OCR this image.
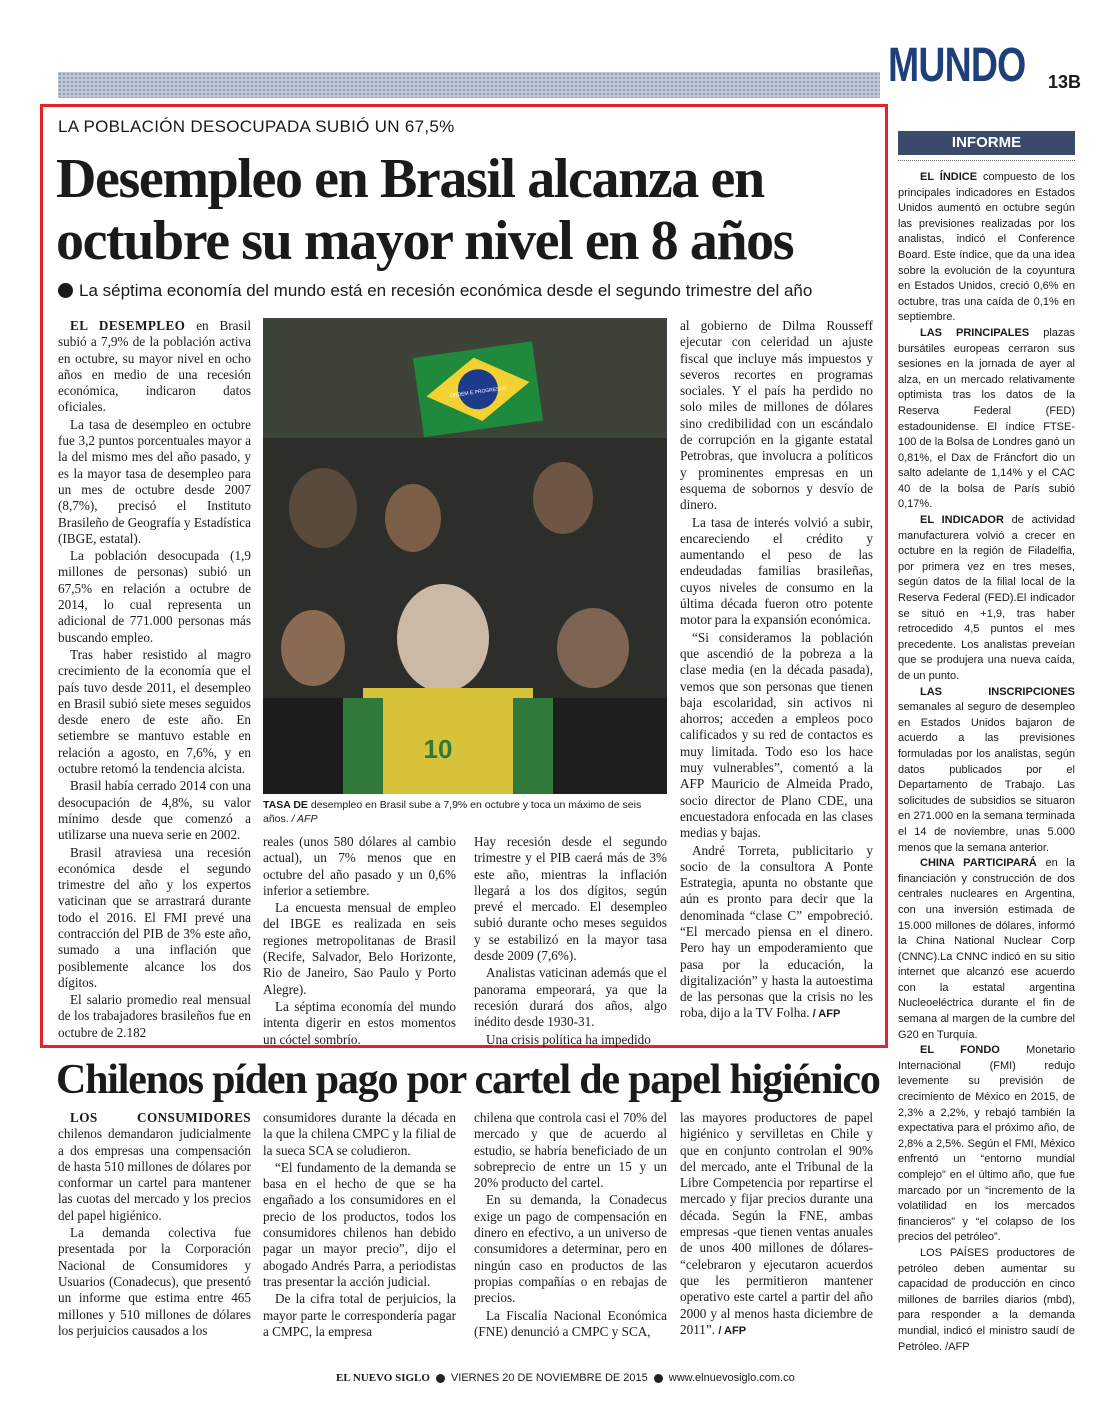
MUNDO 13B
LA POBLACIÓN DESOCUPADA SUBIÓ UN 67,5%
Desempleo en Brasil alcanza en
octubre su mayor nivel en 8 años
La séptima economía del mundo está en recesión económica desde el segundo trimestre del año

EL DESEMPLEO en Brasil subió a 7,9% de la población activa en octubre, su mayor nivel en ocho años en medio de una recesión económica, indicaron datos oficiales.

La tasa de desempleo en octubre fue 3,2 puntos porcentuales mayor a la del mismo mes del año pasado, y es la mayor tasa de desempleo para un mes de octubre desde 2007 (8,7%), precisó el Instituto Brasileño de Geografía y Estadística (IBGE, estatal).

La población desocupada (1,9 millones de personas) subió un 67,5% en relación a octubre de 2014, lo cual representa un adicional de 771.000 personas más buscando empleo.

Tras haber resistido al magro crecimiento de la economía que el país tuvo desde 2011, el desempleo en Brasil subió siete meses seguidos desde enero de este año. En setiembre se mantuvo estable en relación a agosto, en 7,6%, y en octubre retomó la tendencia alcista.

Brasil había cerrado 2014 con una desocupación de 4,8%, su valor mínimo desde que comenzó a utilizarse una nueva serie en 2002.

Brasil atraviesa una recesión económica desde el segundo trimestre del año y los expertos vaticinan que se arrastrará durante todo el 2016. El FMI prevé una contracción del PIB de 3% este año, sumado a una inflación que posiblemente alcance los dos dígitos.

El salario promedio real mensual de los trabajadores brasileños fue en octubre de 2.182

ORDEM E PROGRESSO
10
TASA DE desempleo en Brasil sube a 7,9% en octubre y toca un máximo de seis años. / AFP

reales (unos 580 dólares al cambio actual), un 7% menos que en octubre del año pasado y un 0,6% inferior a setiembre.

La encuesta mensual de empleo del IBGE es realizada en seis regiones metropolitanas de Brasil (Recife, Salvador, Belo Horizonte, Rio de Janeiro, Sao Paulo y Porto Alegre).

La séptima economía del mundo intenta digerir en estos momentos un cóctel sombrío.

Hay recesión desde el segundo trimestre y el PIB caerá más de 3% este año, mientras la inflación llegará a los dos dígitos, según prevé el mercado. El desempleo subió durante ocho meses seguidos y se estabilizó en la mayor tasa desde 2009 (7,6%).

Analistas vaticinan además que el panorama empeorará, ya que la recesión durará dos años, algo inédito desde 1930-31.

Una crisis política ha impedido

al gobierno de Dilma Rousseff ejecutar con celeridad un ajuste fiscal que incluye más impuestos y severos recortes en programas sociales. Y el país ha perdido no solo miles de millones de dólares sino credibilidad con un escándalo de corrupción en la gigante estatal Petrobras, que involucra a políticos y prominentes empresas en un esquema de sobornos y desvío de dinero.

La tasa de interés volvió a subir, encareciendo el crédito y aumentando el peso de las endeudadas familias brasileñas, cuyos niveles de consumo en la última década fueron otro potente motor para la expansión económica.

“Si consideramos la población que ascendió de la pobreza a la clase media (en la década pasada), vemos que son personas que tienen baja escolaridad, sin activos ni ahorros; acceden a empleos poco calificados y su red de contactos es muy limitada. Todo eso los hace muy vulnerables”, comentó a la AFP Mauricio de Almeida Prado, socio director de Plano CDE, una encuestadora enfocada en las clases medias y bajas.

André Torreta, publicitario y socio de la consultora A Ponte Estrategia, apunta no obstante que aún es pronto para decir que la denominada “clase C” empobreció. “El mercado piensa en el dinero. Pero hay un empoderamiento que pasa por la educación, la digitalización” y hasta la autoestima de las personas que la crisis no les roba, dijo a la TV Folha. / AFP

INFORME

EL ÍNDICE compuesto de los principales indicadores en Estados Unidos aumentó en octubre según las previsiones realizadas por los analistas, indicó el Conference Board. Este índice, que da una idea sobre la evolución de la coyuntura en Estados Unidos, creció 0,6% en octubre, tras una caída de 0,1% en septiembre.

LAS PRINCIPALES plazas bursátiles europeas cerraron sus sesiones en la jornada de ayer al alza, en un mercado relativamente optimista tras los datos de la Reserva Federal (FED) estadounidense. El índice FTSE-100 de la Bolsa de Londres ganó un 0,81%, el Dax de Fráncfort dio un salto adelante de 1,14% y el CAC 40 de la bolsa de París subió 0,17%.

EL INDICADOR de actividad manufacturera volvió a crecer en octubre en la región de Filadelfia, por primera vez en tres meses, según datos de la filial local de la Reserva Federal (FED).El indicador se situó en +1,9, tras haber retrocedido 4,5 puntos el mes precedente. Los analistas preveían que se produjera una nueva caída, de un punto.

LAS INSCRIPCIONES semanales al seguro de desempleo en Estados Unidos bajaron de acuerdo a las previsiones formuladas por los analistas, según datos publicados por el Departamento de Trabajo. Las solicitudes de subsidios se situaron en 271.000 en la semana terminada el 14 de noviembre, unas 5.000 menos que la semana anterior.

CHINA PARTICIPARÁ en la financiación y construcción de dos centrales nucleares en Argentina, con una inversión estimada de 15.000 millones de dólares, informó la China National Nuclear Corp (CNNC).La CNNC indicó en su sitio internet que alcanzó ese acuerdo con la estatal argentina Nucleoeléctrica durante el fin de semana al margen de la cumbre del G20 en Turquía.

EL FONDO Monetario Internacional (FMI) redujo levemente su previsión de crecimiento de México en 2015, de 2,3% a 2,2%, y rebajó también la expectativa para el próximo año, de 2,8% a 2,5%. Según el FMI, México enfrentó un “entorno mundial complejo” en el último año, que fue marcado por un “incremento de la volatilidad en los mercados financieros” y “el colapso de los precios del petróleo”.

LOS PAÍSES productores de petróleo deben aumentar su capacidad de producción en cinco millones de barriles diarios (mbd), para responder a la demanda mundial, indicó el ministro saudí de Petróleo. /AFP

Chilenos píden pago por cartel de papel higiénico

LOS CONSUMIDORES chilenos demandaron judicialmente a dos empresas una compensación de hasta 510 millones de dólares por conformar un cartel para mantener las cuotas del mercado y los precios del papel higiénico.

La demanda colectiva fue presentada por la Corporación Nacional de Consumidores y Usuarios (Conadecus), que presentó un informe que estima entre 465 millones y 510 millones de dólares los perjuicios causados a los

consumidores durante la década en la que la chilena CMPC y la filial de la sueca SCA se coludieron.

“El fundamento de la demanda se basa en el hecho de que se ha engañado a los consumidores en el precio de los productos, todos los consumidores chilenos han debido pagar un mayor precio”, dijo el abogado Andrés Parra, a periodistas tras presentar la acción judicial.

De la cifra total de perjuicios, la mayor parte le correspondería pagar a CMPC, la empresa

chilena que controla casi el 70% del mercado y que de acuerdo al estudio, se habría beneficiado de un sobreprecio de entre un 15 y un 20% producto del cartel.

En su demanda, la Conadecus exige un pago de compensación en dinero en efectivo, a un universo de consumidores a determinar, pero en ningún caso en productos de las propias compañías o en rebajas de precios.

La Fiscalía Nacional Económica (FNE) denunció a CMPC y SCA,

las mayores productores de papel higiénico y servilletas en Chile y que en conjunto controlan el 90% del mercado, ante el Tribunal de la Libre Competencia por repartirse el mercado y fijar precios durante una década. Según la FNE, ambas empresas -que tienen ventas anuales de unos 400 millones de dólares- “celebraron y ejecutaron acuerdos que les permitieron mantener operativo este cartel a partir del año 2000 y al menos hasta diciembre de 2011”. / AFP

EL NUEVO SIGLO VIERNES 20 DE NOVIEMBRE DE 2015 www.elnuevosiglo.com.co
